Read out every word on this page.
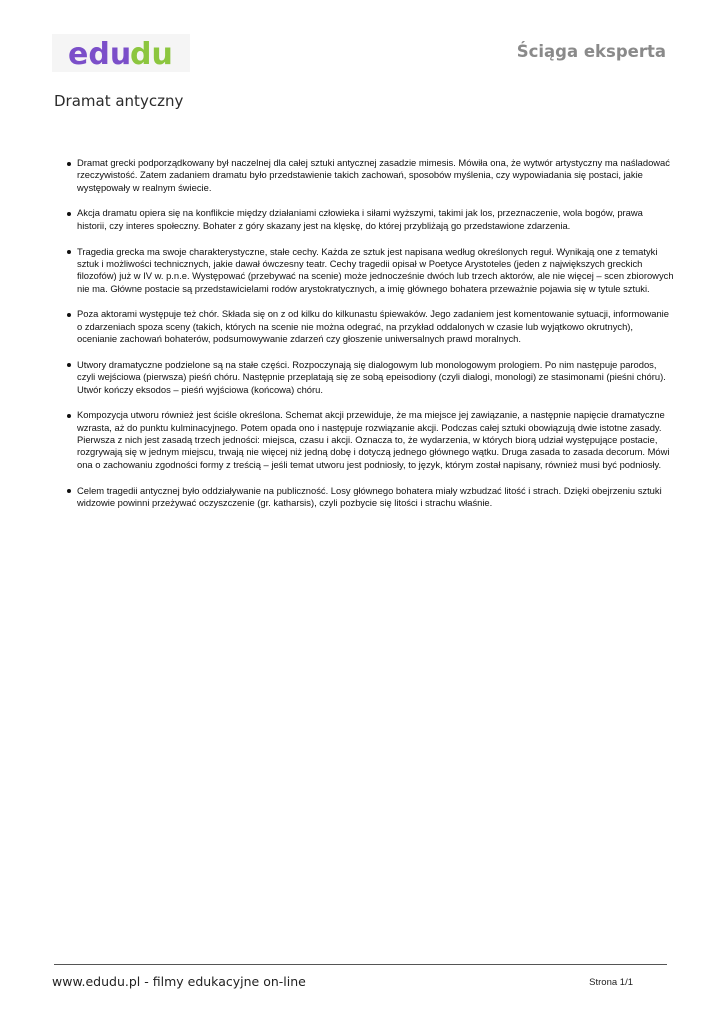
edu
du	Ściąga eksperta
Dramat antyczny
Dramat grecki podporządkowany był naczelnej dla całej sztuki antycznej zasadzie mimesis. Mówiła ona, że wytwór artystyczny ma naśladować rzeczywistość. Zatem zadaniem dramatu było przedstawienie takich zachowań, sposobów myślenia, czy wypowiadania się postaci, jakie występowały w realnym świecie.
Akcja dramatu opiera się na konflikcie między działaniami człowieka i siłami wyższymi, takimi jak los, przeznaczenie, wola bogów, prawa historii, czy interes społeczny. Bohater z góry skazany jest na klęskę, do której przybliżają go przedstawione zdarzenia.
Tragedia grecka ma swoje charakterystyczne, stałe cechy. Każda ze sztuk jest napisana według określonych reguł. Wynikają one z tematyki sztuk i możliwości technicznych, jakie dawał ówczesny teatr. Cechy tragedii opisał w Poetyce Arystoteles (jeden z największych greckich filozofów) już w IV w. p.n.e. Występować (przebywać na scenie) może jednocześnie dwóch lub trzech aktorów, ale nie więcej – scen zbiorowych nie ma. Główne postacie są przedstawicielami rodów arystokratycznych, a imię głównego bohatera przeważnie pojawia się w tytule sztuki.
Poza aktorami występuje też chór. Składa się on z od kilku do kilkunastu śpiewaków. Jego zadaniem jest komentowanie sytuacji, informowanie o zdarzeniach spoza sceny (takich, których na scenie nie można odegrać, na przykład oddalonych w czasie lub wyjątkowo okrutnych), ocenianie zachowań bohaterów, podsumowywanie zdarzeń czy głoszenie uniwersalnych prawd moralnych.
Utwory dramatyczne podzielone są na stałe części. Rozpoczynają się dialogowym lub monologowym prologiem. Po nim następuje parodos, czyli wejściowa (pierwsza) pieśń chóru. Następnie przeplatają się ze sobą epeisodiony (czyli dialogi, monologi) ze stasimonami (pieśni chóru). Utwór kończy eksodos – pieśń wyjściowa (końcowa) chóru.
Kompozycja utworu również jest ściśle określona. Schemat akcji przewiduje, że ma miejsce jej zawiązanie, a następnie napięcie dramatyczne wzrasta, aż do punktu kulminacyjnego. Potem opada ono i następuje rozwiązanie akcji. Podczas całej sztuki obowiązują dwie istotne zasady. Pierwsza z nich jest zasadą trzech jedności: miejsca, czasu i akcji. Oznacza to, że wydarzenia, w których biorą udział występujące postacie, rozgrywają się w jednym miejscu, trwają nie więcej niż jedną dobę i dotyczą jednego głównego wątku. Druga zasada to zasada decorum. Mówi ona o zachowaniu zgodności formy z treścią – jeśli temat utworu jest podniosły, to język, którym został napisany, również musi być podniosły.
Celem tragedii antycznej było oddziaływanie na publiczność. Losy głównego bohatera miały wzbudzać litość i strach. Dzięki obejrzeniu sztuki widzowie powinni przeżywać oczyszczenie (gr. katharsis), czyli pozbycie się litości i strachu właśnie.
www.edudu.pl - filmy edukacyjne on-line	Strona 1/1
